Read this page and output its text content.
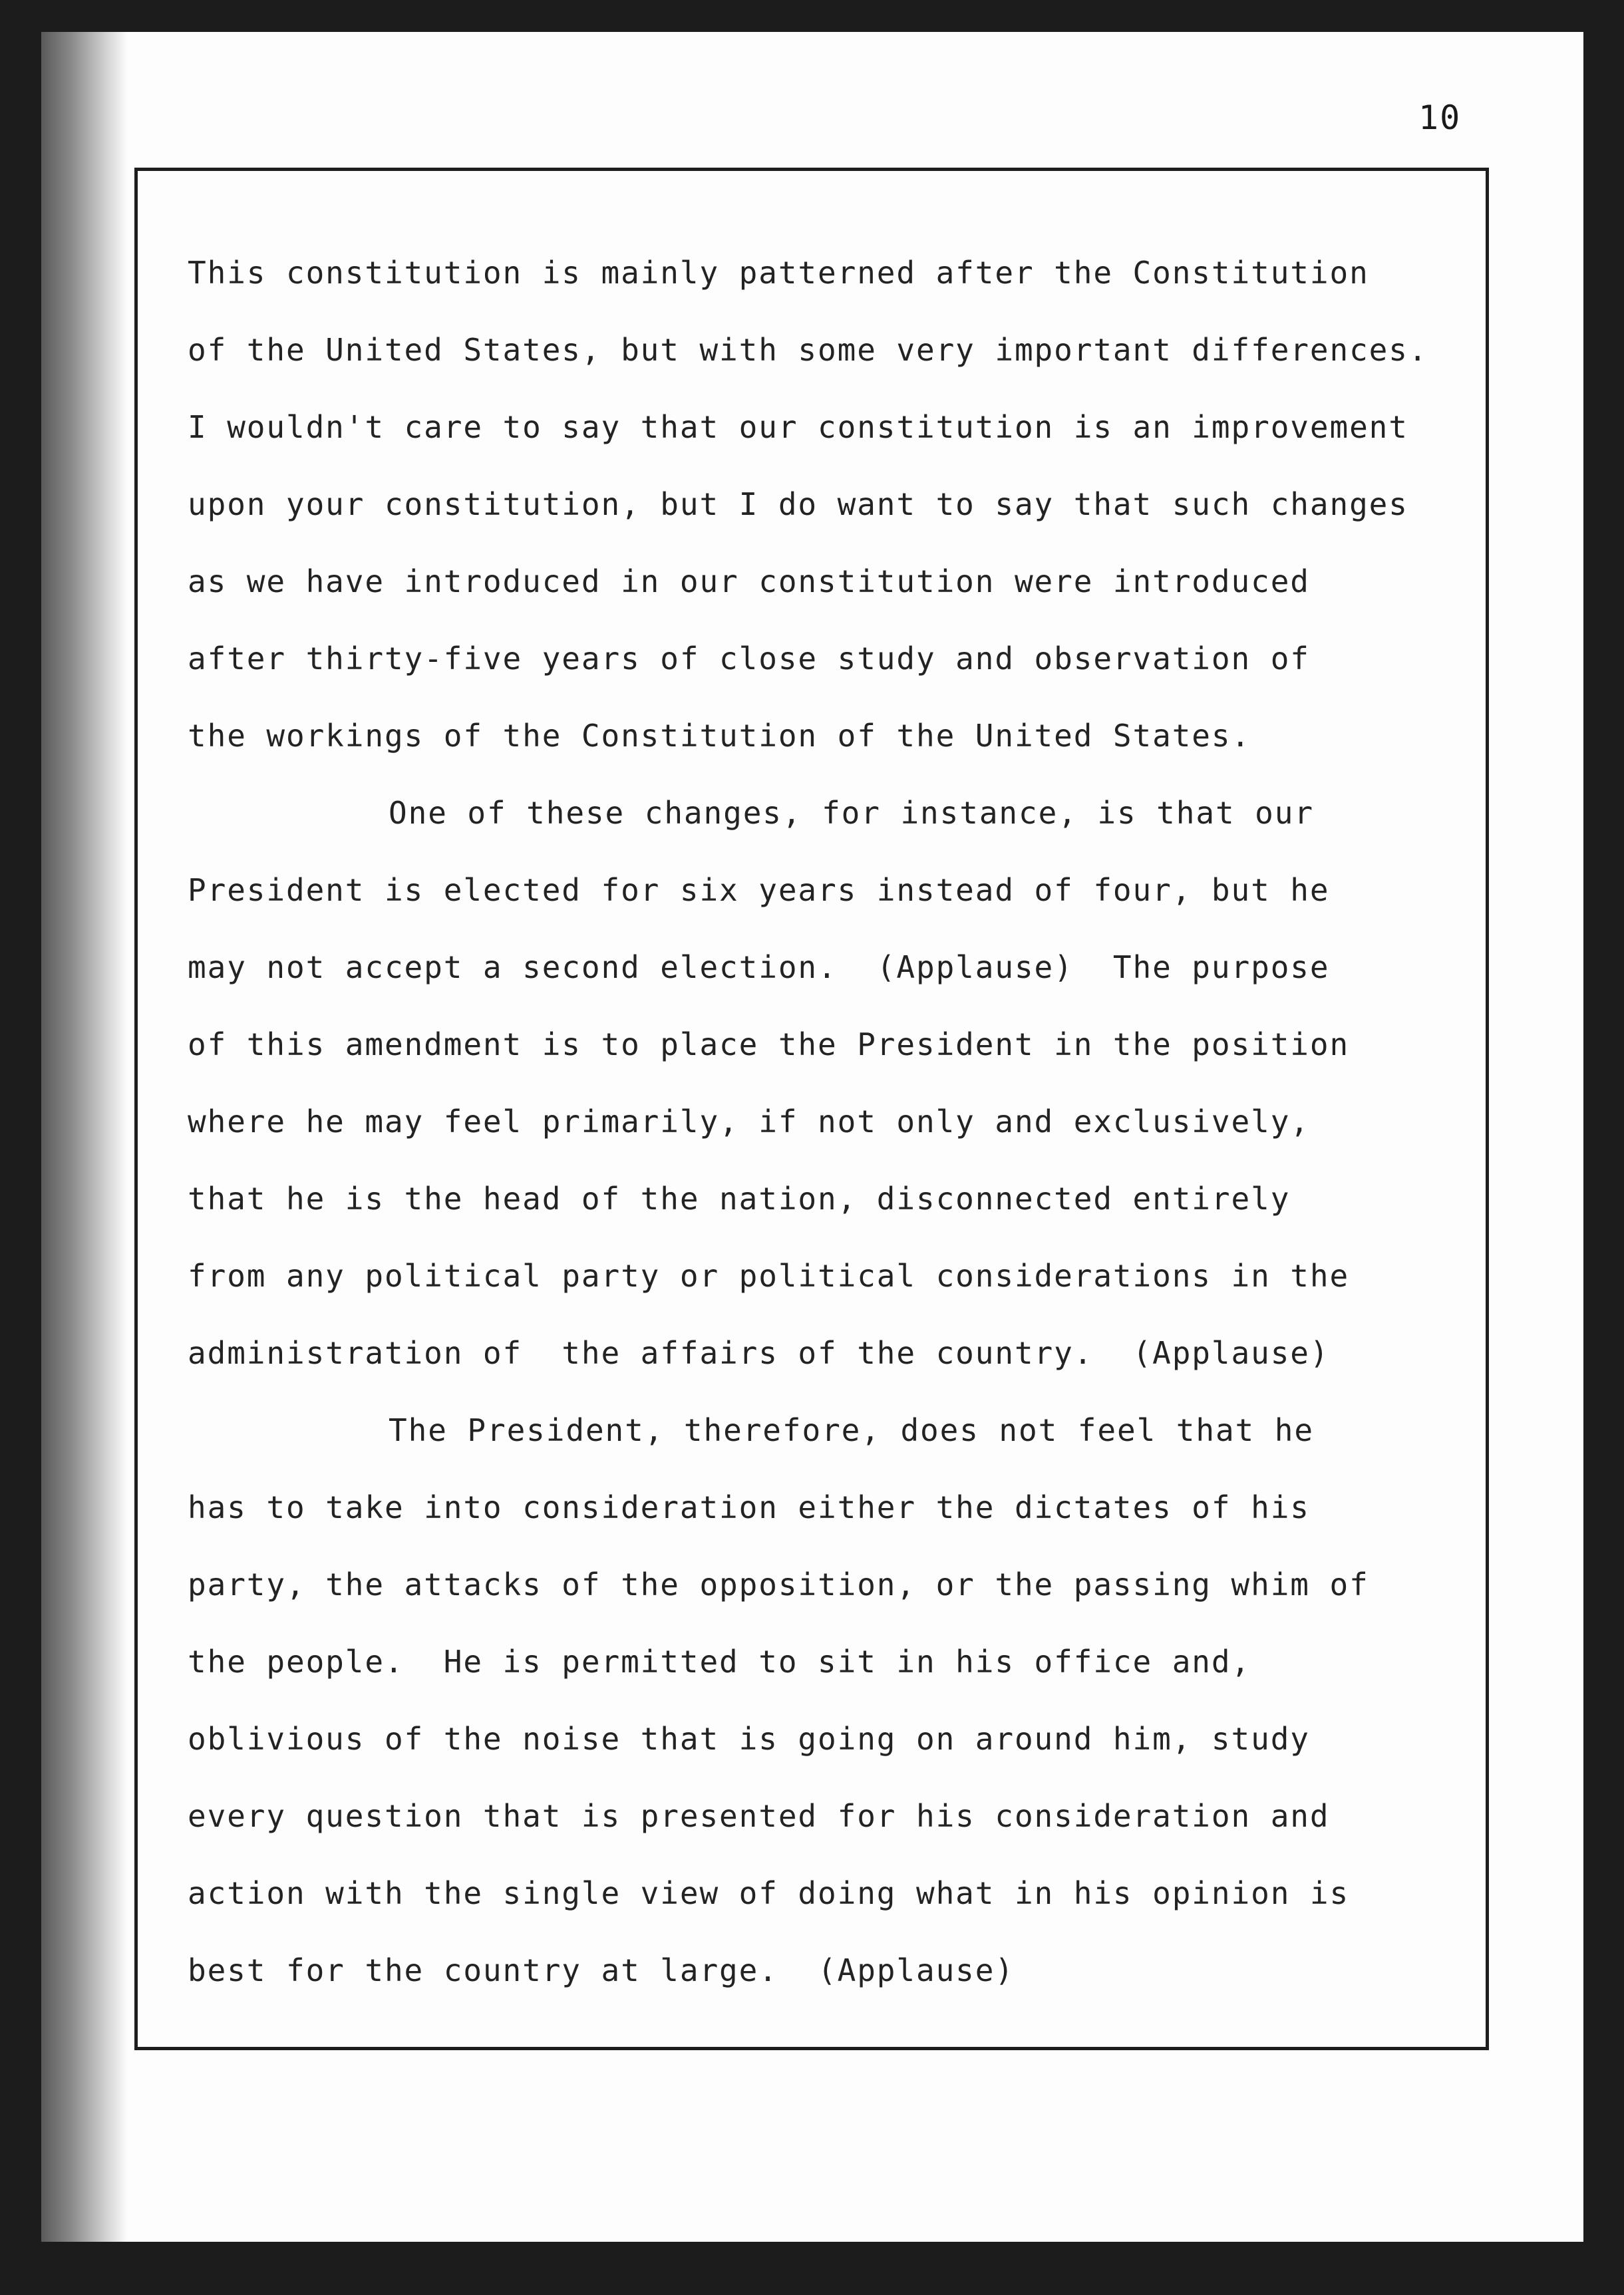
10
This constitution is mainly patterned after the Constitution
of the United States, but with some very important differences.
I wouldn't care to say that our constitution is an improvement
upon your constitution, but I do want to say that such changes
as we have introduced in our constitution were introduced
after thirty-five years of close study and observation of
the workings of the Constitution of the United States.
One of these changes, for instance, is that our
President is elected for six years instead of four, but he
may not accept a second election.  (Applause)  The purpose
of this amendment is to place the President in the position
where he may feel primarily, if not only and exclusively,
that he is the head of the nation, disconnected entirely
from any political party or political considerations in the
administration of  the affairs of the country.  (Applause)
The President, therefore, does not feel that he
has to take into consideration either the dictates of his
party, the attacks of the opposition, or the passing whim of
the people.  He is permitted to sit in his office and,
oblivious of the noise that is going on around him, study
every question that is presented for his consideration and
action with the single view of doing what in his opinion is
best for the country at large.  (Applause)
